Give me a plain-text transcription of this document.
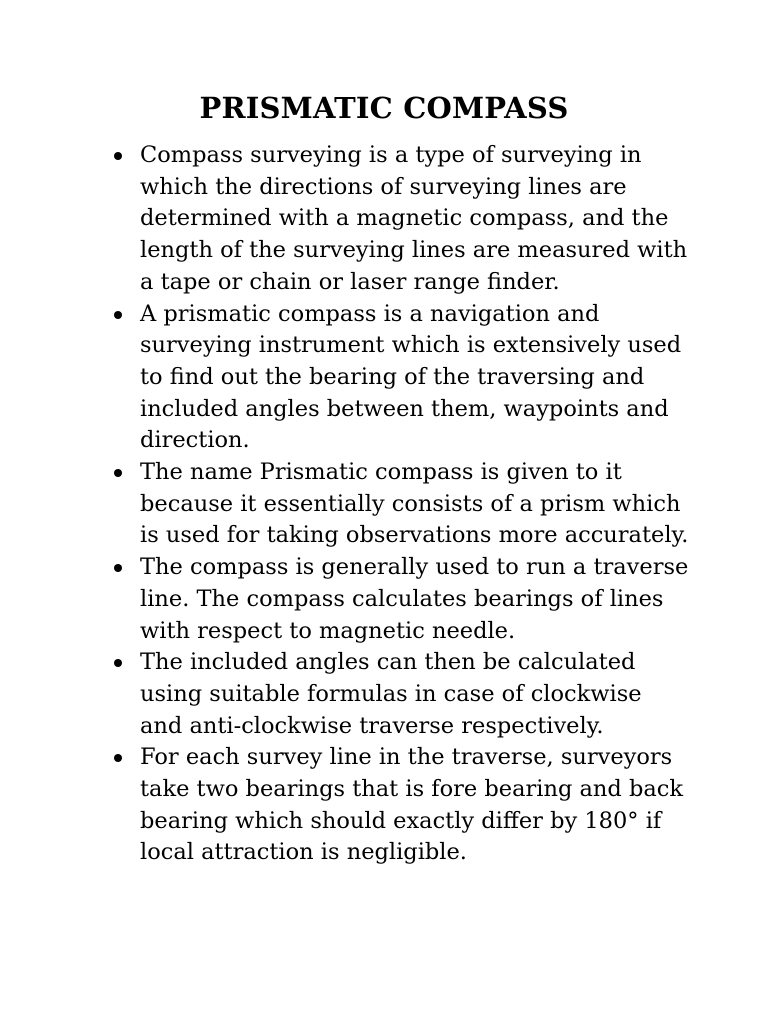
PRISMATIC COMPASS
Compass surveying is a type of surveying in which the directions of surveying lines are determined with a magnetic compass, and the length of the surveying lines are measured with a tape or chain or laser range finder.
A prismatic compass is a navigation and surveying instrument which is extensively used to find out the bearing of the traversing and included angles between them, waypoints and direction.
The name Prismatic compass is given to it because it essentially consists of a prism which is used for taking observations more accurately.
The compass is generally used to run a traverse line. The compass calculates bearings of lines with respect to magnetic needle.
The included angles can then be calculated using suitable formulas in case of clockwise and anti-clockwise traverse respectively.
For each survey line in the traverse, surveyors take two bearings that is fore bearing and back bearing which should exactly differ by 180° if local attraction is negligible.
